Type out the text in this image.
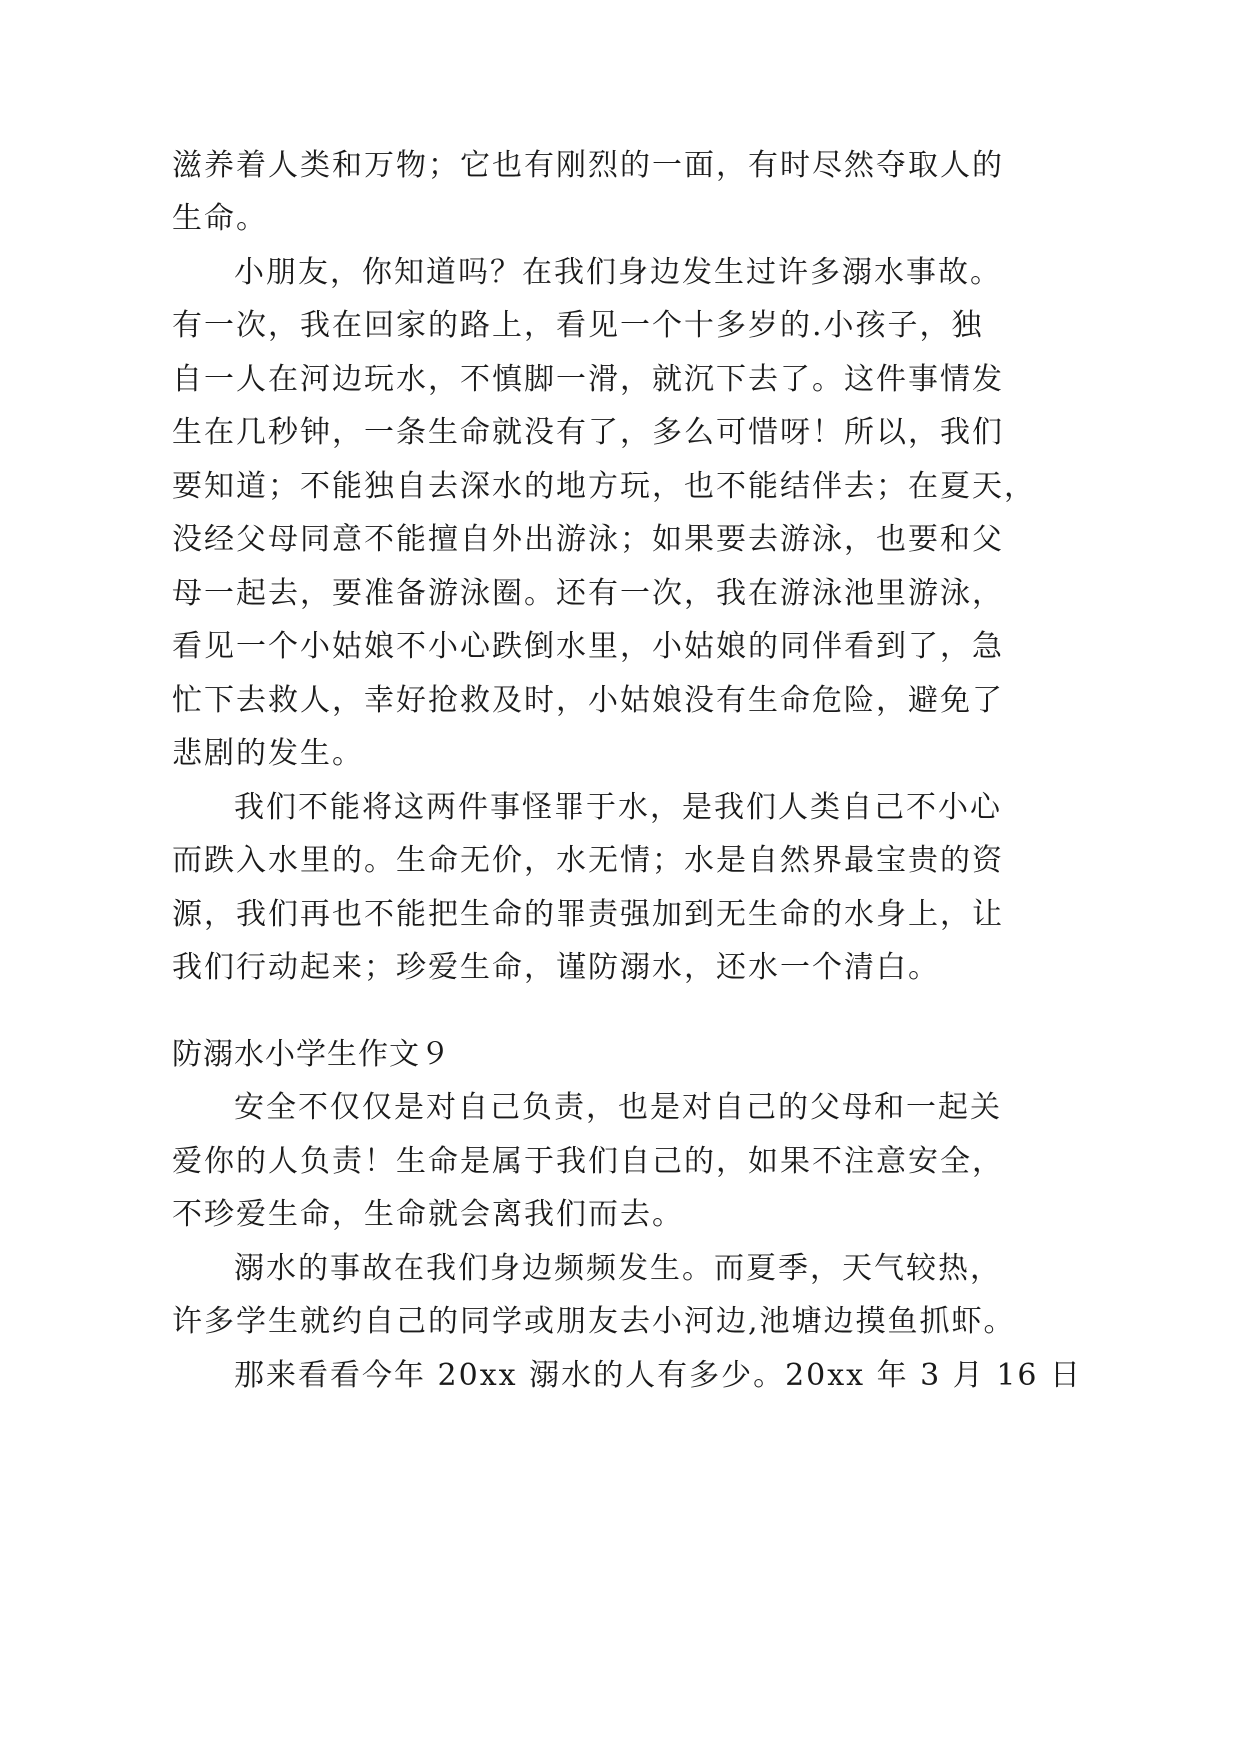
滋养着人类和万物；它也有刚烈的一面，有时尽然夺取人的
生命。
小朋友，你知道吗？在我们身边发生过许多溺水事故。
有一次，我在回家的路上，看见一个十多岁的.小孩子，独
自一人在河边玩水，不慎脚一滑，就沉下去了。这件事情发
生在几秒钟，一条生命就没有了，多么可惜呀！所以，我们
要知道；不能独自去深水的地方玩，也不能结伴去；在夏天，
没经父母同意不能擅自外出游泳；如果要去游泳，也要和父
母一起去，要准备游泳圈。还有一次，我在游泳池里游泳，
看见一个小姑娘不小心跌倒水里，小姑娘的同伴看到了，急
忙下去救人，幸好抢救及时，小姑娘没有生命危险，避免了
悲剧的发生。
我们不能将这两件事怪罪于水，是我们人类自己不小心
而跌入水里的。生命无价，水无情；水是自然界最宝贵的资
源，我们再也不能把生命的罪责强加到无生命的水身上，让
我们行动起来；珍爱生命，谨防溺水，还水一个清白。
防溺水小学生作文９
安全不仅仅是对自己负责，也是对自己的父母和一起关
爱你的人负责！生命是属于我们自己的，如果不注意安全，
不珍爱生命，生命就会离我们而去。
溺水的事故在我们身边频频发生。而夏季，天气较热，
许多学生就约自己的同学或朋友去小河边,池塘边摸鱼抓虾。
那来看看今年 20xx 溺水的人有多少。20xx 年 3 月 16 日
